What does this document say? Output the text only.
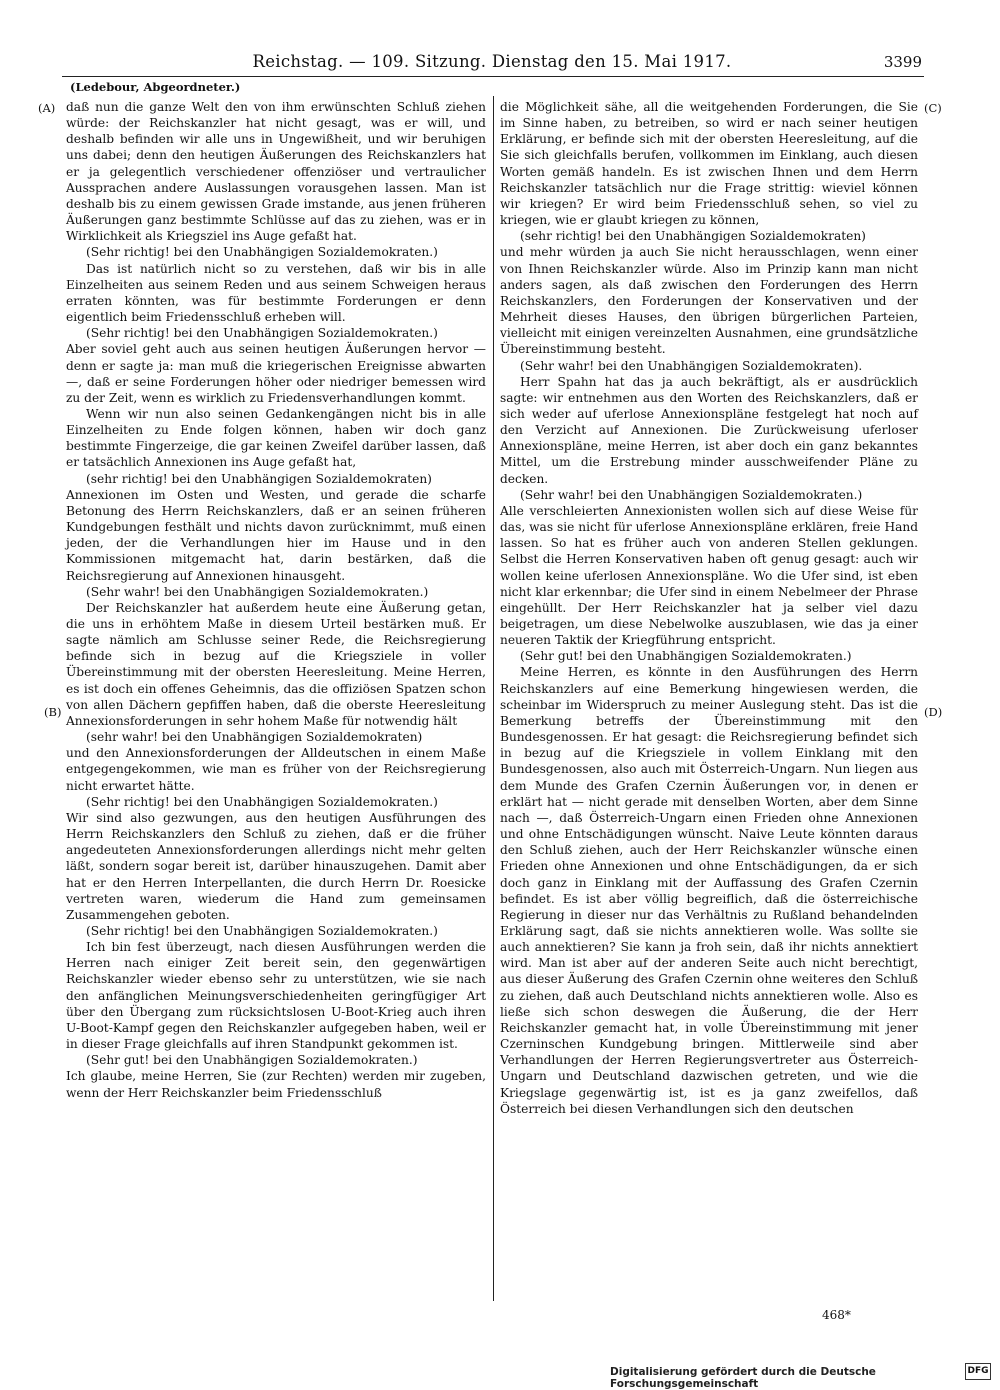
Reichstag. — 109. Sitzung. Dienstag den 15. Mai 1917.	3399
(Ledebour, Abgeordneter.)
(A)
(B)
(C)
(D)

daß nun die ganze Welt den von ihm erwünschten Schluß ziehen würde: der Reichskanzler hat nicht gesagt, was er will, und deshalb befinden wir alle uns in Ungewißheit, und wir beruhigen uns dabei; denn den heutigen Äußerungen des Reichskanzlers hat er ja gelegentlich verschiedener offenziöser und vertraulicher Aussprachen andere Auslassungen vorausgehen lassen. Man ist deshalb bis zu einem gewissen Grade imstande, aus jenen früheren Äußerungen ganz bestimmte Schlüsse auf das zu ziehen, was er in Wirklichkeit als Kriegsziel ins Auge gefaßt hat.

(Sehr richtig! bei den Unabhängigen Sozialdemokraten.)

Das ist natürlich nicht so zu verstehen, daß wir bis in alle Einzelheiten aus seinem Reden und aus seinem Schweigen heraus erraten könnten, was für bestimmte Forderungen er denn eigentlich beim Friedensschluß erheben will.

(Sehr richtig! bei den Unabhängigen Sozialdemokraten.)

Aber soviel geht auch aus seinen heutigen Äußerungen hervor — denn er sagte ja: man muß die kriegerischen Ereignisse abwarten —, daß er seine Forderungen höher oder niedriger bemessen wird zu der Zeit, wenn es wirklich zu Friedensverhandlungen kommt.

Wenn wir nun also seinen Gedankengängen nicht bis in alle Einzelheiten zu Ende folgen können, haben wir doch ganz bestimmte Fingerzeige, die gar keinen Zweifel darüber lassen, daß er tatsächlich Annexionen ins Auge gefaßt hat,

(sehr richtig! bei den Unabhängigen Sozialdemokraten)

Annexionen im Osten und Westen, und gerade die scharfe Betonung des Herrn Reichskanzlers, daß er an seinen früheren Kundgebungen festhält und nichts davon zurücknimmt, muß einen jeden, der die Verhandlungen hier im Hause und in den Kommissionen mitgemacht hat, darin bestärken, daß die Reichsregierung auf Annexionen hinausgeht.

(Sehr wahr! bei den Unabhängigen Sozialdemokraten.)

Der Reichskanzler hat außerdem heute eine Äußerung getan, die uns in erhöhtem Maße in diesem Urteil bestärken muß. Er sagte nämlich am Schlusse seiner Rede, die Reichsregierung befinde sich in bezug auf die Kriegsziele in voller Übereinstimmung mit der obersten Heeresleitung. Meine Herren, es ist doch ein offenes Geheimnis, das die offiziösen Spatzen schon von allen Dächern gepfiffen haben, daß die oberste Heeresleitung Annexionsforderungen in sehr hohem Maße für notwendig hält

(sehr wahr! bei den Unabhängigen Sozialdemokraten)

und den Annexionsforderungen der Alldeutschen in einem Maße entgegengekommen, wie man es früher von der Reichsregierung nicht erwartet hätte.

(Sehr richtig! bei den Unabhängigen Sozialdemokraten.)

Wir sind also gezwungen, aus den heutigen Ausführungen des Herrn Reichskanzlers den Schluß zu ziehen, daß er die früher angedeuteten Annexionsforderungen allerdings nicht mehr gelten läßt, sondern sogar bereit ist, darüber hinauszugehen. Damit aber hat er den Herren Interpellanten, die durch Herrn Dr. Roesicke vertreten waren, wiederum die Hand zum gemeinsamen Zusammengehen geboten.

(Sehr richtig! bei den Unabhängigen Sozialdemokraten.)

Ich bin fest überzeugt, nach diesen Ausführungen werden die Herren nach einiger Zeit bereit sein, den gegenwärtigen Reichskanzler wieder ebenso sehr zu unterstützen, wie sie nach den anfänglichen Meinungsverschiedenheiten geringfügiger Art über den Übergang zum rücksichtslosen U-Boot-Krieg auch ihren U-Boot-Kampf gegen den Reichskanzler aufgegeben haben, weil er in dieser Frage gleichfalls auf ihren Standpunkt gekommen ist.

(Sehr gut! bei den Unabhängigen Sozialdemokraten.)

Ich glaube, meine Herren, Sie (zur Rechten) werden mir zugeben, wenn der Herr Reichskanzler beim Friedensschluß

die Möglichkeit sähe, all die weitgehenden Forderungen, die Sie im Sinne haben, zu betreiben, so wird er nach seiner heutigen Erklärung, er befinde sich mit der obersten Heeresleitung, auf die Sie sich gleichfalls berufen, vollkommen im Einklang, auch diesen Worten gemäß handeln. Es ist zwischen Ihnen und dem Herrn Reichskanzler tatsächlich nur die Frage strittig: wieviel können wir kriegen? Er wird beim Friedensschluß sehen, so viel zu kriegen, wie er glaubt kriegen zu können,

(sehr richtig! bei den Unabhängigen Sozialdemokraten)

und mehr würden ja auch Sie nicht herausschlagen, wenn einer von Ihnen Reichskanzler würde. Also im Prinzip kann man nicht anders sagen, als daß zwischen den Forderungen des Herrn Reichskanzlers, den Forderungen der Konservativen und der Mehrheit dieses Hauses, den übrigen bürgerlichen Parteien, vielleicht mit einigen vereinzelten Ausnahmen, eine grundsätzliche Übereinstimmung besteht.

(Sehr wahr! bei den Unabhängigen Sozialdemokraten).

Herr Spahn hat das ja auch bekräftigt, als er ausdrücklich sagte: wir entnehmen aus den Worten des Reichskanzlers, daß er sich weder auf uferlose Annexionspläne festgelegt hat noch auf den Verzicht auf Annexionen. Die Zurückweisung uferloser Annexionspläne, meine Herren, ist aber doch ein ganz bekanntes Mittel, um die Erstrebung minder ausschweifender Pläne zu decken.

(Sehr wahr! bei den Unabhängigen Sozialdemokraten.)

Alle verschleierten Annexionisten wollen sich auf diese Weise für das, was sie nicht für uferlose Annexionspläne erklären, freie Hand lassen. So hat es früher auch von anderen Stellen geklungen. Selbst die Herren Konservativen haben oft genug gesagt: auch wir wollen keine uferlosen Annexionspläne. Wo die Ufer sind, ist eben nicht klar erkennbar; die Ufer sind in einem Nebelmeer der Phrase eingehüllt. Der Herr Reichskanzler hat ja selber viel dazu beigetragen, um diese Nebelwolke auszublasen, wie das ja einer neueren Taktik der Kriegführung entspricht.

(Sehr gut! bei den Unabhängigen Sozialdemokraten.)

Meine Herren, es könnte in den Ausführungen des Herrn Reichskanzlers auf eine Bemerkung hingewiesen werden, die scheinbar im Widerspruch zu meiner Auslegung steht. Das ist die Bemerkung betreffs der Übereinstimmung mit den Bundesgenossen. Er hat gesagt: die Reichsregierung befindet sich in bezug auf die Kriegsziele in vollem Einklang mit den Bundesgenossen, also auch mit Österreich-Ungarn. Nun liegen aus dem Munde des Grafen Czernin Äußerungen vor, in denen er erklärt hat — nicht gerade mit denselben Worten, aber dem Sinne nach —, daß Österreich-Ungarn einen Frieden ohne Annexionen und ohne Entschädigungen wünscht. Naive Leute könnten daraus den Schluß ziehen, auch der Herr Reichskanzler wünsche einen Frieden ohne Annexionen und ohne Entschädigungen, da er sich doch ganz in Einklang mit der Auffassung des Grafen Czernin befindet. Es ist aber völlig begreiflich, daß die österreichische Regierung in dieser nur das Verhältnis zu Rußland behandelnden Erklärung sagt, daß sie nichts annektieren wolle. Was sollte sie auch annektieren? Sie kann ja froh sein, daß ihr nichts annektiert wird. Man ist aber auf der anderen Seite auch nicht berechtigt, aus dieser Äußerung des Grafen Czernin ohne weiteres den Schluß zu ziehen, daß auch Deutschland nichts annektieren wolle. Also es ließe sich schon deswegen die Äußerung, die der Herr Reichskanzler gemacht hat, in volle Übereinstimmung mit jener Czerninschen Kundgebung bringen. Mittlerweile sind aber Verhandlungen der Herren Regierungsvertreter aus Österreich-Ungarn und Deutschland dazwischen getreten, und wie die Kriegslage gegenwärtig ist, ist es ja ganz zweifellos, daß Österreich bei diesen Verhandlungen sich den deutschen

468*
Digitalisierung gefördert durch die Deutsche Forschungsgemeinschaft
DFG
